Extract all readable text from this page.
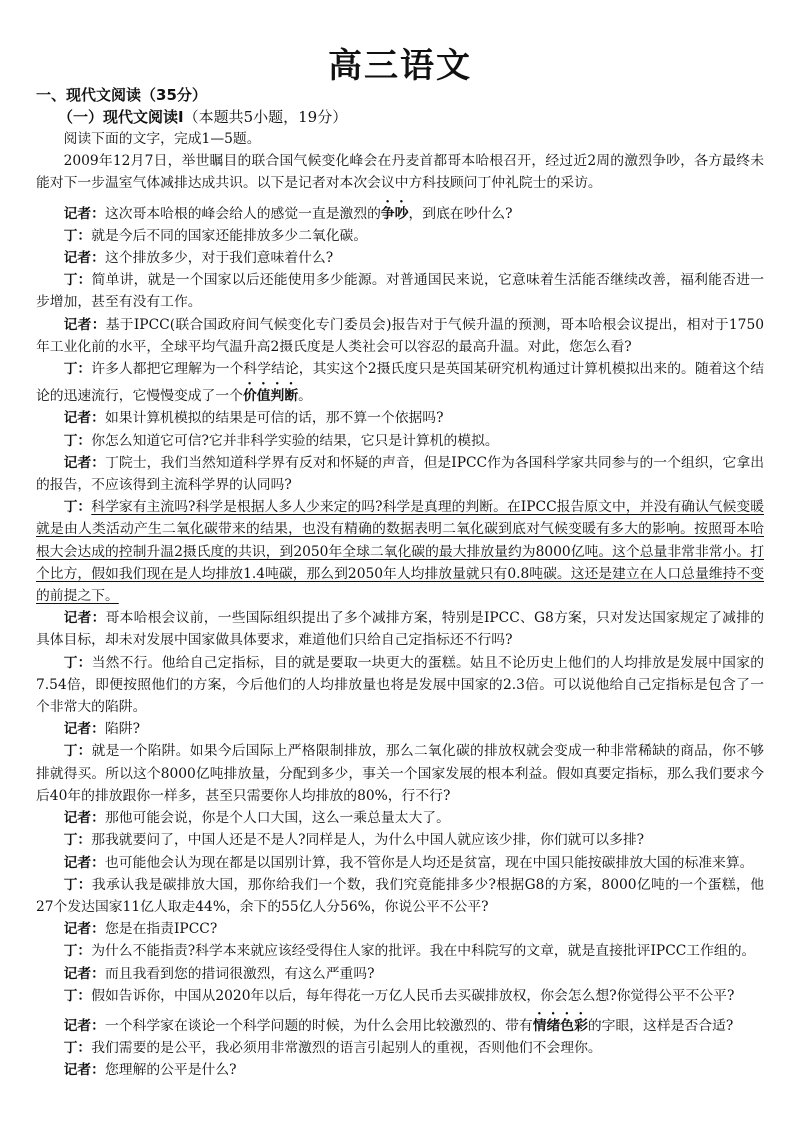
高三语文
一、现代文阅读（35分）
（一）现代文阅读Ⅰ（本题共5小题，19分）

阅读下面的文字，完成1—5题。

2009年12月7日，举世瞩目的联合国气候变化峰会在丹麦首都哥本哈根召开，经过近2周的激烈争吵，各方最终未能对下一步温室气体减排达成共识。以下是记者对本次会议中方科技顾问丁仲礼院士的采访。

记者：这次哥本哈根的峰会给人的感觉一直是激烈的争吵，到底在吵什么?

丁：就是今后不同的国家还能排放多少二氧化碳。

记者：这个排放多少，对于我们意味着什么?

丁：简单讲，就是一个国家以后还能使用多少能源。对普通国民来说，它意味着生活能否继续改善，福利能否进一步增加，甚至有没有工作。

记者：基于IPCC(联合国政府间气候变化专门委员会)报告对于气候升温的预测，哥本哈根会议提出，相对于1750年工业化前的水平，全球平均气温升高2摄氏度是人类社会可以容忍的最高升温。对此，您怎么看?

丁：许多人都把它理解为一个科学结论，其实这个2摄氏度只是英国某研究机构通过计算机模拟出来的。随着这个结论的迅速流行，它慢慢变成了一个价值判断。

记者：如果计算机模拟的结果是可信的话，那不算一个依据吗?

丁：你怎么知道它可信?它并非科学实验的结果，它只是计算机的模拟。

记者：丁院士，我们当然知道科学界有反对和怀疑的声音，但是IPCC作为各国科学家共同参与的一个组织，它拿出的报告，不应该得到主流科学界的认同吗?

丁：科学家有主流吗?科学是根据人多人少来定的吗?科学是真理的判断。在IPCC报告原文中，并没有确认气候变暖就是由人类活动产生二氧化碳带来的结果，也没有精确的数据表明二氧化碳到底对气候变暖有多大的影响。按照哥本哈根大会达成的控制升温2摄氏度的共识，到2050年全球二氧化碳的最大排放量约为8000亿吨。这个总量非常非常小。打个比方，假如我们现在是人均排放1.4吨碳，那么到2050年人均排放量就只有0.8吨碳。这还是建立在人口总量维持不变的前提之下。

记者：哥本哈根会议前，一些国际组织提出了多个减排方案，特别是IPCC、G8方案，只对发达国家规定了减排的具体目标，却未对发展中国家做具体要求，难道他们只给自己定指标还不行吗?

丁：当然不行。他给自己定指标，目的就是要取一块更大的蛋糕。姑且不论历史上他们的人均排放是发展中国家的7.54倍，即便按照他们的方案，今后他们的人均排放量也将是发展中国家的2.3倍。可以说他给自己定指标是包含了一个非常大的陷阱。

记者：陷阱?

丁：就是一个陷阱。如果今后国际上严格限制排放，那么二氧化碳的排放权就会变成一种非常稀缺的商品，你不够排就得买。所以这个8000亿吨排放量，分配到多少，事关一个国家发展的根本利益。假如真要定指标，那么我们要求今后40年的排放跟你一样多，甚至只需要你人均排放的80%，行不行?

记者：那他可能会说，你是个人口大国，这么一乘总量太大了。

丁：那我就要问了，中国人还是不是人?同样是人，为什么中国人就应该少排，你们就可以多排?

记者：也可能他会认为现在都是以国别计算，我不管你是人均还是贫富，现在中国只能按碳排放大国的标准来算。

丁：我承认我是碳排放大国，那你给我们一个数，我们究竟能排多少?根据G8的方案，8000亿吨的一个蛋糕，他27个发达国家11亿人取走44%，余下的55亿人分56%，你说公平不公平?

记者：您是在指责IPCC?

丁：为什么不能指责?科学本来就应该经受得住人家的批评。我在中科院写的文章，就是直接批评IPCC工作组的。

记者：而且我看到您的措词很激烈，有这么严重吗?

丁：假如告诉你，中国从2020年以后，每年得花一万亿人民币去买碳排放权，你会怎么想?你觉得公平不公平?

记者：一个科学家在谈论一个科学问题的时候，为什么会用比较激烈的、带有情绪色彩的字眼，这样是否合适?

丁：我们需要的是公平，我必须用非常激烈的语言引起别人的重视，否则他们不会理你。

记者：您理解的公平是什么?
